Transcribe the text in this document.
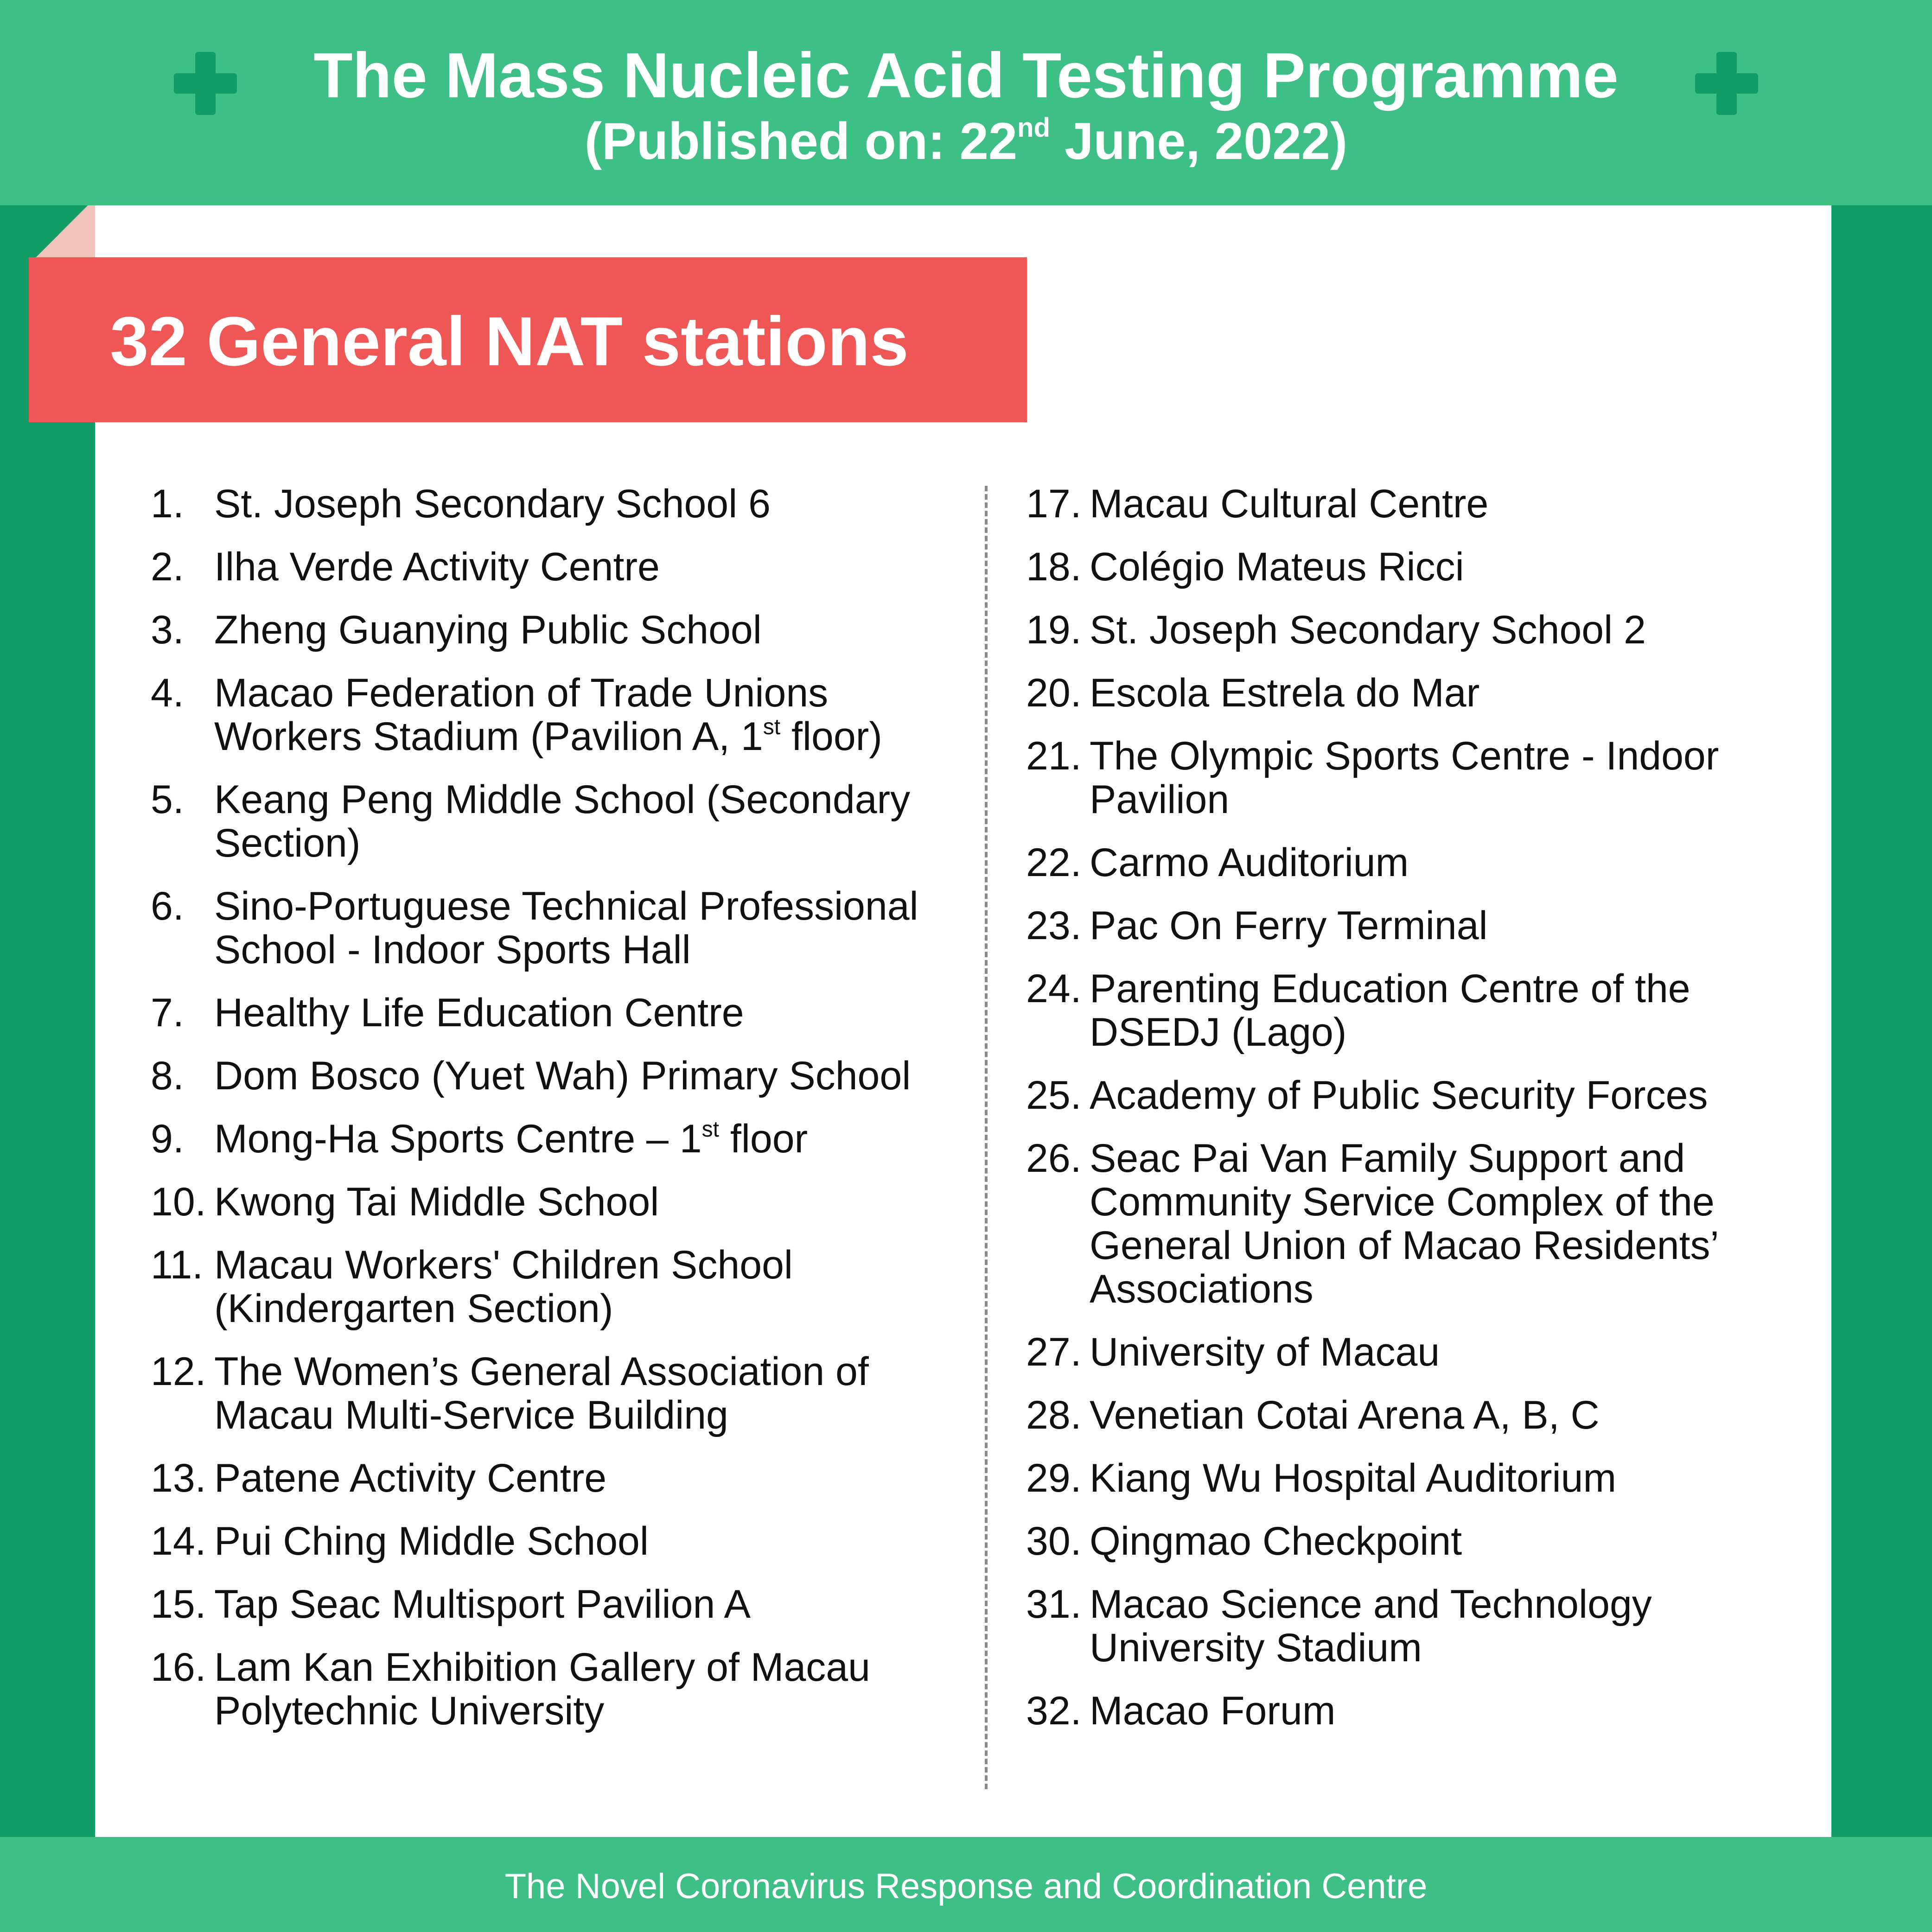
The Mass Nucleic Acid Testing Programme
(Published on: 22nd June, 2022)
32 General NAT stations
1. St. Joseph Secondary School 6
2. Ilha Verde Activity Centre
3. Zheng Guanying Public School
4. Macao Federation of Trade Unions Workers Stadium (Pavilion A, 1st floor)
5. Keang Peng Middle School (Secondary Section)
6. Sino-Portuguese Technical Professional School - Indoor Sports Hall
7. Healthy Life Education Centre
8. Dom Bosco (Yuet Wah) Primary School
9. Mong-Ha Sports Centre – 1st floor
10. Kwong Tai Middle School
11. Macau Workers' Children School (Kindergarten Section)
12. The Women’s General Association of Macau Multi-Service Building
13. Patene Activity Centre
14. Pui Ching Middle School
15. Tap Seac Multisport Pavilion A
16. Lam Kan Exhibition Gallery of Macau Polytechnic University
17. Macau Cultural Centre
18. Colégio Mateus Ricci
19. St. Joseph Secondary School 2
20. Escola Estrela do Mar
21. The Olympic Sports Centre - Indoor Pavilion
22. Carmo Auditorium
23. Pac On Ferry Terminal
24. Parenting Education Centre of the DSEDJ (Lago)
25. Academy of Public Security Forces
26. Seac Pai Van Family Support and Community Service Complex of the General Union of Macao Residents’ Associations
27. University of Macau
28. Venetian Cotai Arena A, B, C
29. Kiang Wu Hospital Auditorium
30. Qingmao Checkpoint
31. Macao Science and Technology University Stadium
32. Macao Forum
The Novel Coronavirus Response and Coordination Centre
